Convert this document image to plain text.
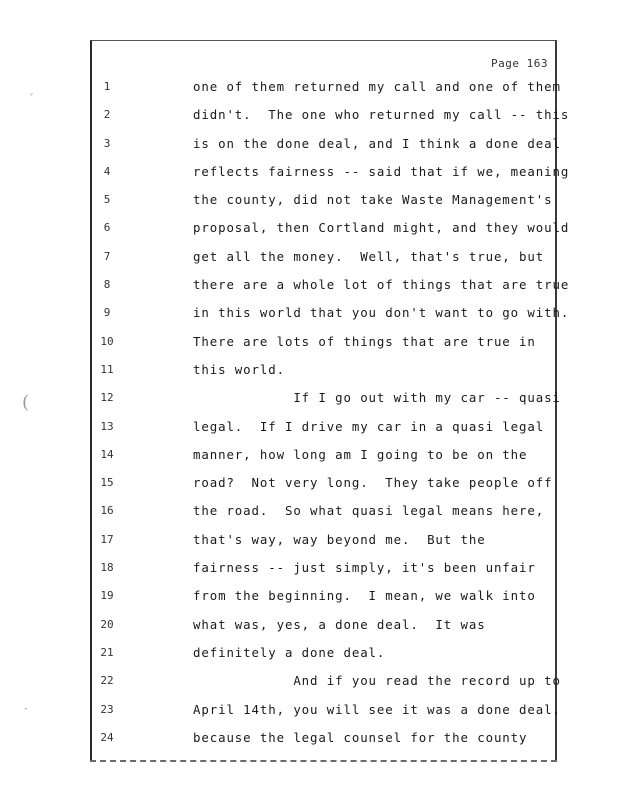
´
(
·
Page 163
1	one of them returned my call and one of them
2	didn't.  The one who returned my call -- this
3	is on the done deal, and I think a done deal
4	reflects fairness -- said that if we, meaning
5	the county, did not take Waste Management's
6	proposal, then Cortland might, and they would
7	get all the money.  Well, that's true, but
8	there are a whole lot of things that are true
9	in this world that you don't want to go with.
10	There are lots of things that are true in
11	this world.
12	If I go out with my car -- quasi
13	legal.  If I drive my car in a quasi legal
14	manner, how long am I going to be on the
15	road?  Not very long.  They take people off
16	the road.  So what quasi legal means here,
17	that's way, way beyond me.  But the
18	fairness -- just simply, it's been unfair
19	from the beginning.  I mean, we walk into
20	what was, yes, a done deal.  It was
21	definitely a done deal.
22	And if you read the record up to
23	April 14th, you will see it was a done deal,
24	because the legal counsel for the county
